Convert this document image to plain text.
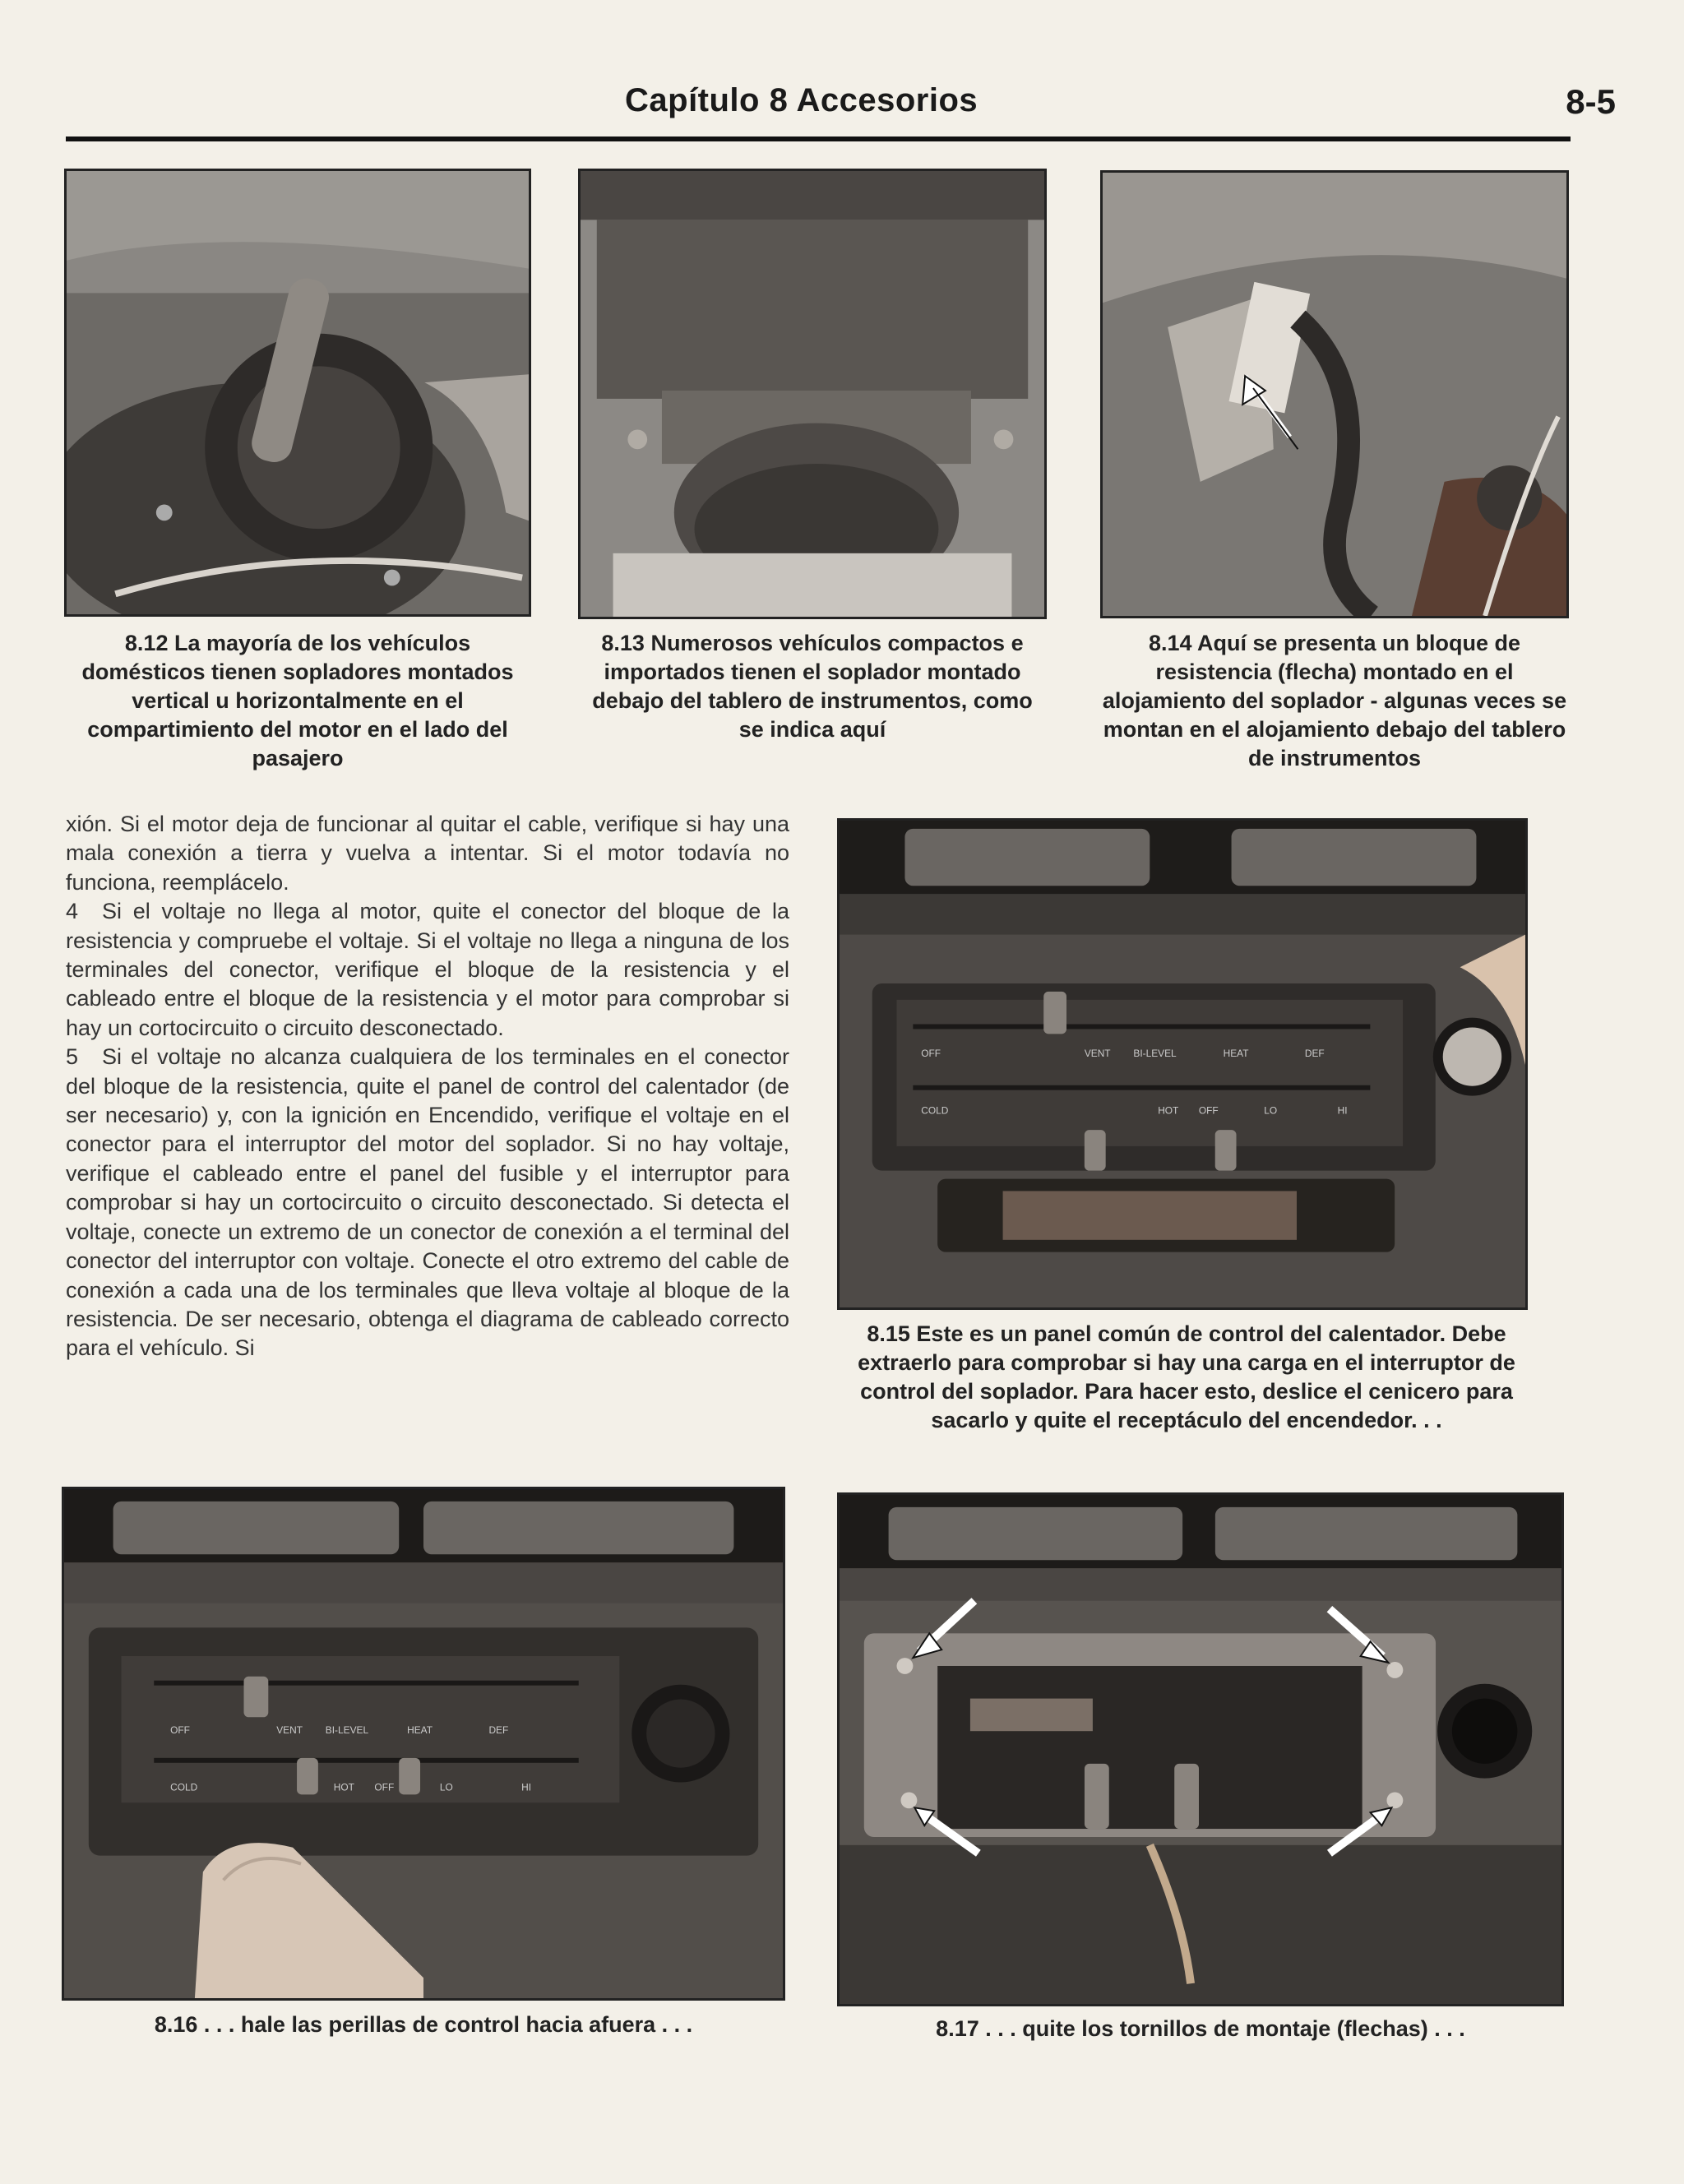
Capítulo 8 Accesorios	8-5
8.12 La mayoría de los vehículos domésticos tienen sopladores montados vertical u horizontalmente en el compartimiento del motor en el lado del pasajero
8.13 Numerosos vehículos compactos e importados tienen el soplador montado debajo del tablero de instrumentos, como se indica aquí
8.14 Aquí se presenta un bloque de resistencia (flecha) montado en el alojamiento del soplador - algunas veces se montan en el alojamiento debajo del tablero de instrumentos

xión. Si el motor deja de funcionar al quitar el cable, verifique si hay una mala conexión a tierra y vuelva a intentar. Si el motor todavía no funciona, reemplácelo.

4 Si el voltaje no llega al motor, quite el conector del bloque de la resistencia y compruebe el voltaje. Si el voltaje no llega a ninguna de los terminales del conector, verifique el bloque de la resistencia y el cableado entre el bloque de la resistencia y el motor para comprobar si hay un cortocircuito o circuito desconectado.

5 Si el voltaje no alcanza cualquiera de los terminales en el conector del bloque de la resistencia, quite el panel de control del calentador (de ser necesario) y, con la ignición en Encendido, verifique el voltaje en el conector para el interruptor del motor del soplador. Si no hay voltaje, verifique el cableado entre el panel del fusible y el interruptor para comprobar si hay un cortocircuito o circuito desconectado. Si detecta el voltaje, conecte un extremo de un conector de conexión a el terminal del conector del interruptor con voltaje. Conecte el otro extremo del cable de conexión a cada una de los terminales que lleva voltaje al bloque de la resistencia. De ser necesario, obtenga el diagrama de cableado correcto para el vehículo. Si

OFF	VENT BI-LEVEL	HEAT	DEF
COLD	HOT OFF	LO	HI
8.15 Este es un panel común de control del calentador. Debe extraerlo para comprobar si hay una carga en el interruptor de control del soplador. Para hacer esto, deslice el cenicero para sacarlo y quite el receptáculo del encendedor. . .
OFF	VENT BI-LEVEL	HEAT	DEF
COLD	HOT OFF	LO	HI
8.16 . . . hale las perillas de control hacia afuera . . .	8.17 . . . quite los tornillos de montaje (flechas) . . .
